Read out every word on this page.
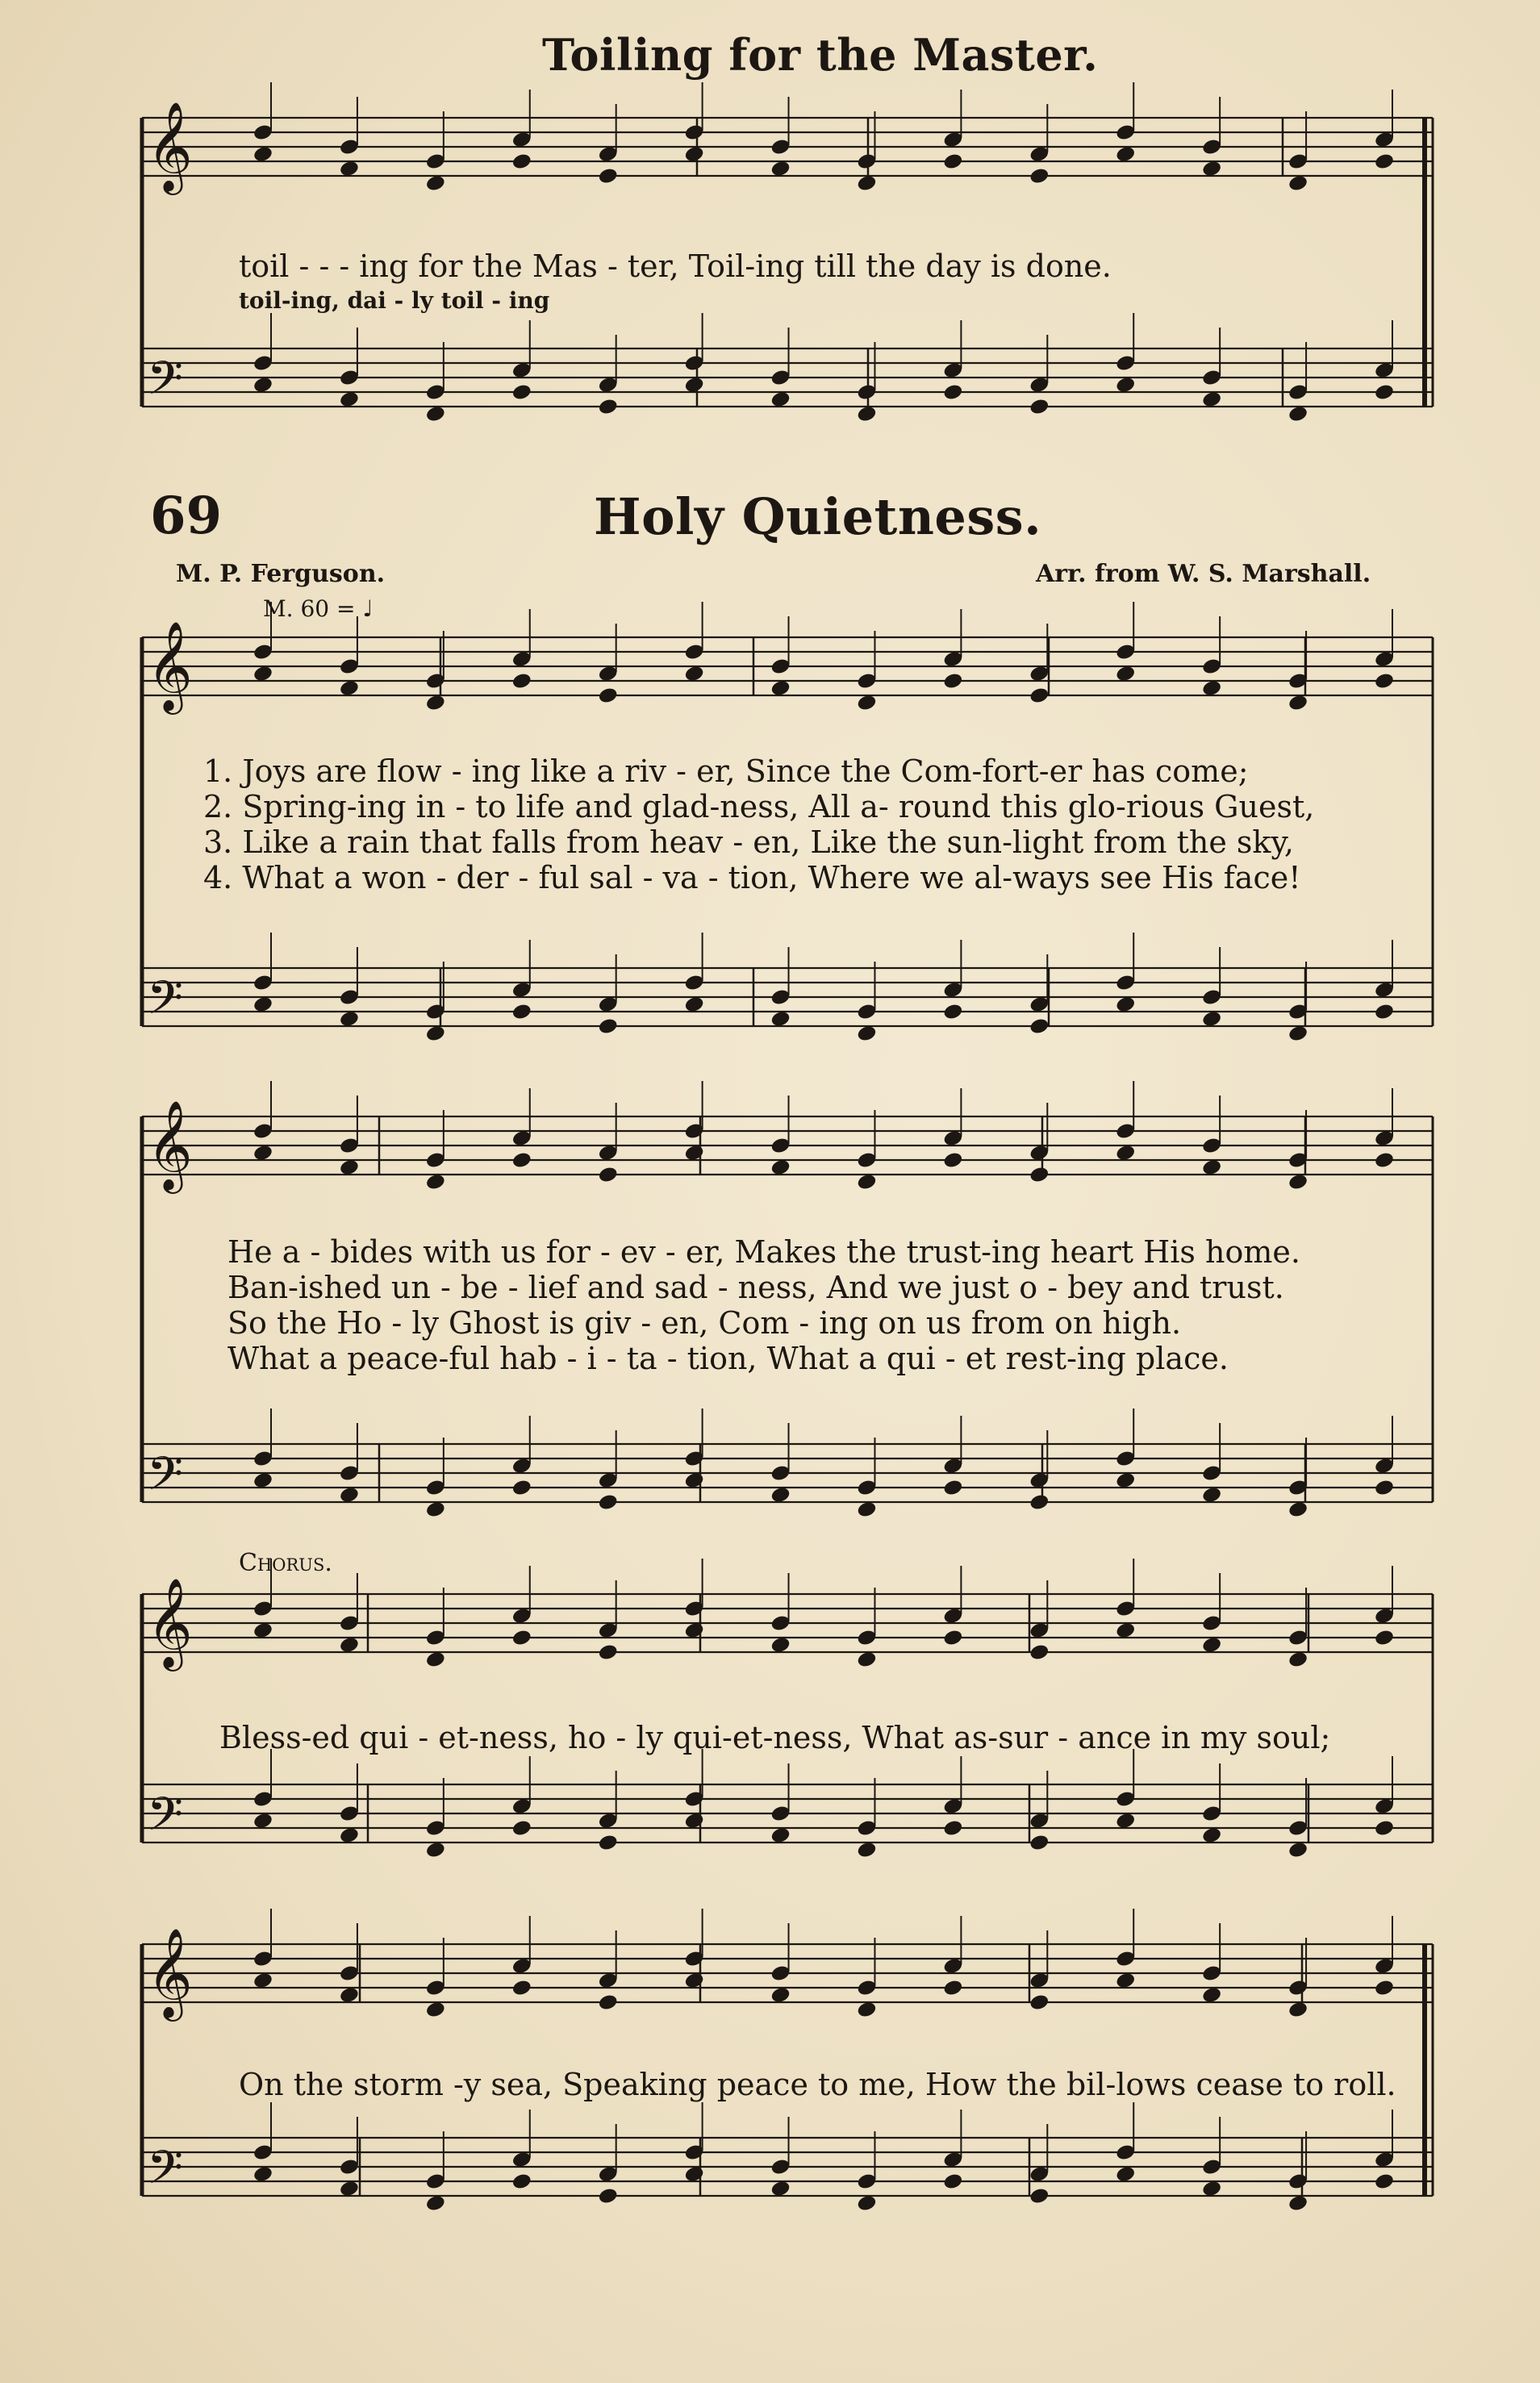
𝄞
𝄢
𝄞
𝄢
𝄞
𝄢
𝄞
𝄢
𝄞
𝄢
Toiling for the Master.
toil - - - ing for the Mas - ter, Toil-ing till the day is done.
toil-ing, dai - ly toil - ing
69	Holy Quietness.
M. P. Ferguson.	Arr. from W. S. Marshall.
M. 60 = ♩
1. Joys are flow - ing like a riv - er, Since the Com-fort-er has come;
2. Spring-ing in - to life and glad-ness, All a- round this glo-rious Guest,
3. Like a rain that falls from heav - en, Like the sun-light from the sky,
4. What a won - der - ful sal - va - tion, Where we al-ways see His face!
He a - bides with us for - ev - er, Makes the trust-ing heart His home.
Ban-ished un - be - lief and sad - ness, And we just o - bey and trust.
So the Ho - ly Ghost is giv - en, Com - ing on us from on high.
What a peace-ful hab - i - ta - tion, What a qui - et rest-ing place.
Chorus.
Bless-ed qui - et-ness, ho - ly qui-et-ness, What as-sur - ance in my soul;
On the storm -y sea, Speaking peace to me, How the bil-lows cease to roll.
